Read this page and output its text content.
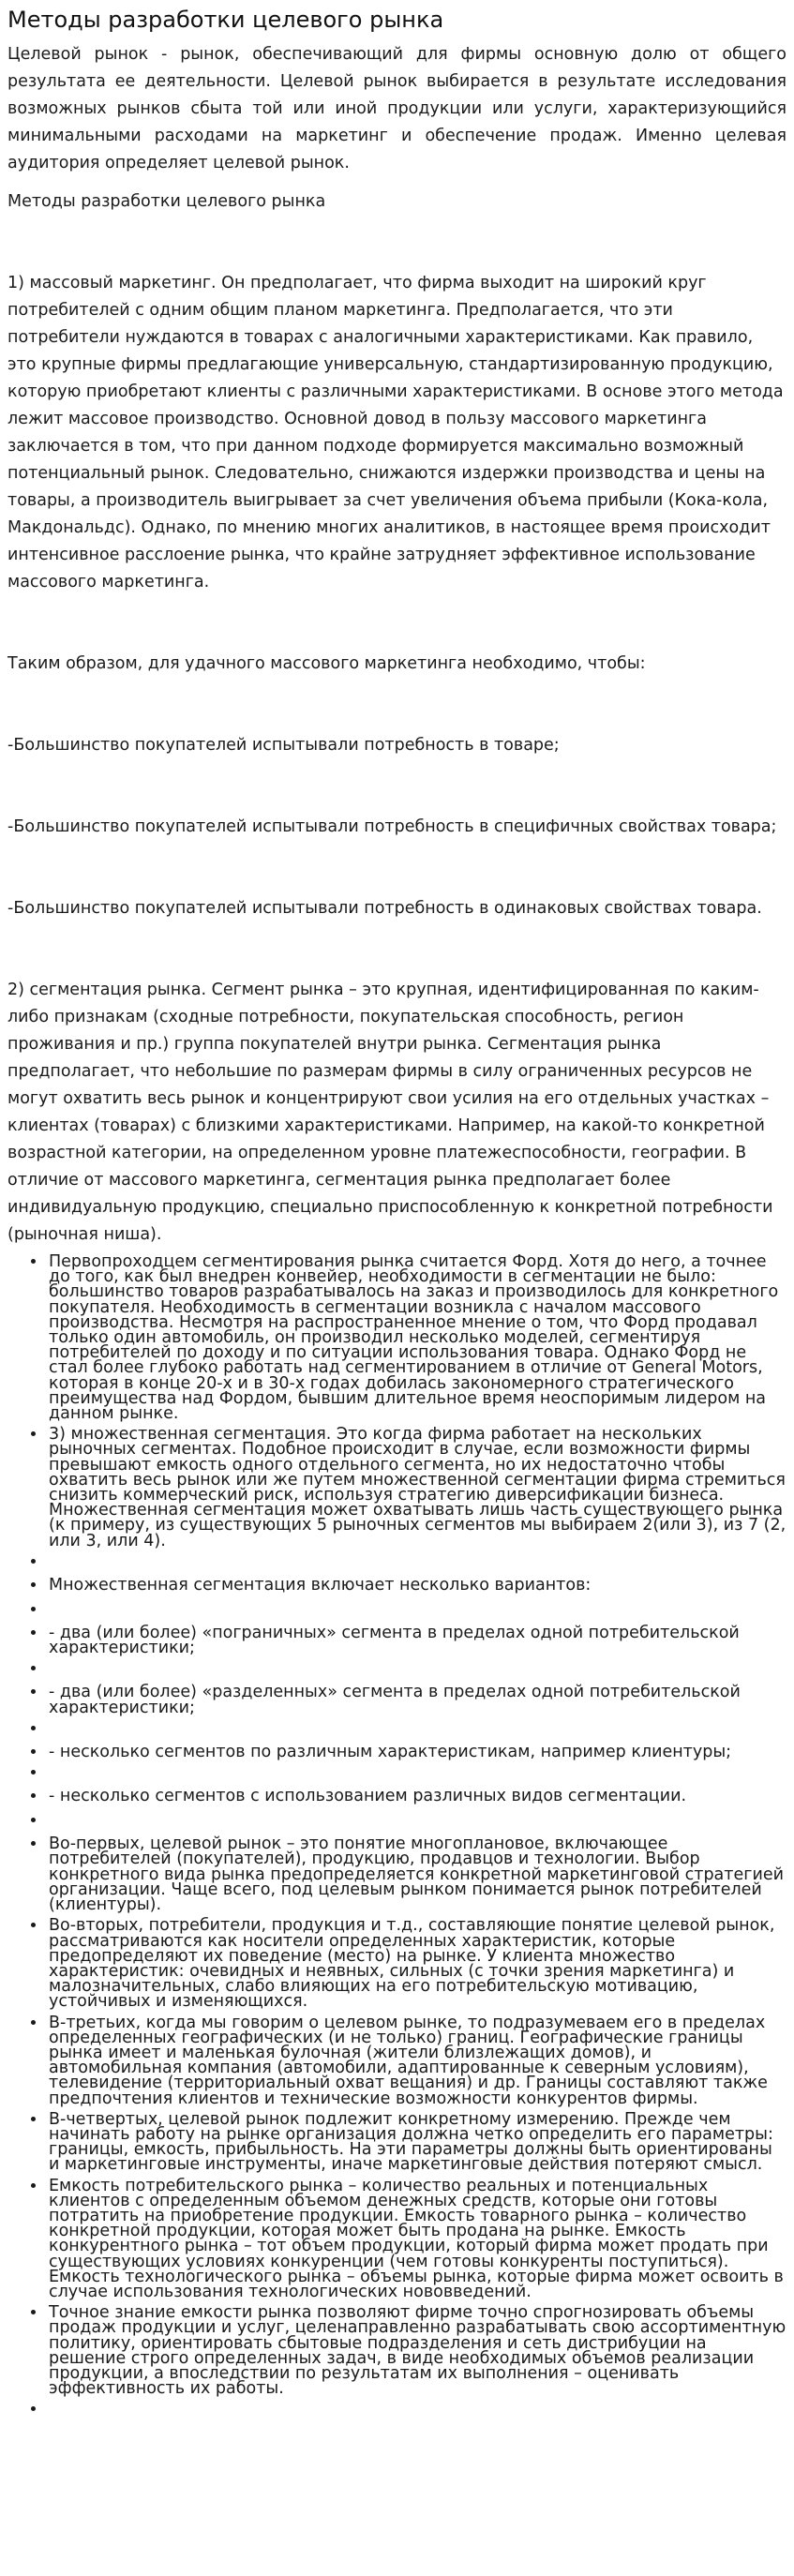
Методы разработки целевого рынка

Целевой рынок - рынок, обеспечивающий для фирмы основную долю от общего результата ее деятельности. Целевой рынок выбирается в результате исследования возможных рынков сбыта той или иной продукции или услуги, характеризующийся минимальными расходами на маркетинг и обеспечение продаж. Именно целевая аудитория определяет целевой рынок.

Методы разработки целевого рынка

1) массовый маркетинг. Он предполагает, что фирма выходит на широкий круг потребителей с одним общим планом маркетинга. Предполагается, что эти потребители нуждаются в товарах с аналогичными характеристиками. Как правило, это крупные фирмы предлагающие универсальную, стандартизированную продукцию, которую приобретают клиенты с различными характеристиками. В основе этого метода лежит массовое производство. Основной довод в пользу массового маркетинга заключается в том, что при данном подходе формируется максимально возможный потенциальный рынок. Следовательно, снижаются издержки производства и цены на товары, а производитель выигрывает за счет увеличения объема прибыли (Кока-кола, Макдональдс). Однако, по мнению многих аналитиков, в настоящее время происходит интенсивное расслоение рынка, что крайне затрудняет эффективное использование массового маркетинга.

Таким образом, для удачного массового маркетинга необходимо, чтобы:

-Большинство покупателей испытывали потребность в товаре;

-Большинство покупателей испытывали потребность в специфичных свойствах товара;

-Большинство покупателей испытывали потребность в одинаковых свойствах товара.

2) сегментация рынка. Сегмент рынка – это крупная, идентифицированная по каким-либо признакам (сходные потребности, покупательская способность, регион проживания и пр.) группа покупателей внутри рынка. Сегментация рынка предполагает, что небольшие по размерам фирмы в силу ограниченных ресурсов не могут охватить весь рынок и концентрируют свои усилия на его отдельных участках – клиентах (товарах) с близкими характеристиками. Например, на какой-то конкретной возрастной категории, на определенном уровне платежеспособности, географии. В отличие от массового маркетинга, сегментация рынка предполагает более индивидуальную продукцию, специально приспособленную к конкретной потребности (рыночная ниша).

• Первопроходцем сегментирования рынка считается Форд. Хотя до него, а точнее до того, как был внедрен конвейер, необходимости в сегментации не было: большинство товаров разрабатывалось на заказ и производилось для конкретного покупателя. Необходимость в сегментации возникла с началом массового производства. Несмотря на распространенное мнение о том, что Форд продавал только один автомобиль, он производил несколько моделей, сегментируя потребителей по доходу и по ситуации использования товара. Однако Форд не стал более глубоко работать над сегментированием в отличие от General Motors, которая в конце 20-х и в 30-х годах добилась закономерного стратегического преимущества над Фордом, бывшим длительное время неоспоримым лидером на данном рынке.
• 3) множественная сегментация. Это когда фирма работает на нескольких рыночных сегментах. Подобное происходит в случае, если возможности фирмы превышают емкость одного отдельного сегмента, но их недостаточно чтобы охватить весь рынок или же путем множественной сегментации фирма стремиться снизить коммерческий риск, используя стратегию диверсификации бизнеса. Множественная сегментация может охватывать лишь часть существующего рынка (к примеру, из существующих 5 рыночных сегментов мы выбираем 2(или 3), из 7 (2, или 3, или 4).
•
• Множественная сегментация включает несколько вариантов:
•
• - два (или более) «пограничных» сегмента в пределах одной потребительской характеристики;
•
• - два (или более) «разделенных» сегмента в пределах одной потребительской характеристики;
•
• - несколько сегментов по различным характеристикам, например клиентуры;
•
• - несколько сегментов с использованием различных видов сегментации.
•
• Во-первых, целевой рынок – это понятие многоплановое, включающее потребителей (покупателей), продукцию, продавцов и технологии. Выбор конкретного вида рынка предопределяется конкретной маркетинговой стратегией организации. Чаще всего, под целевым рынком понимается рынок потребителей (клиентуры).
• Во-вторых, потребители, продукция и т.д., составляющие понятие целевой рынок, рассматриваются как носители определенных характеристик, которые предопределяют их поведение (место) на рынке. У клиента множество характеристик: очевидных и неявных, сильных (с точки зрения маркетинга) и малозначительных, слабо влияющих на его потребительскую мотивацию, устойчивых и изменяющихся.
• В-третьих, когда мы говорим о целевом рынке, то подразумеваем его в пределах определенных географических (и не только) границ. Географические границы рынка имеет и маленькая булочная (жители близлежащих домов), и автомобильная компания (автомобили, адаптированные к северным условиям), телевидение (территориальный охват вещания) и др. Границы составляют также предпочтения клиентов и технические возможности конкурентов фирмы.
• В-четвертых, целевой рынок подлежит конкретному измерению. Прежде чем начинать работу на рынке организация должна четко определить его параметры: границы, емкость, прибыльность. На эти параметры должны быть ориентированы и маркетинговые инструменты, иначе маркетинговые действия потеряют смысл.
• Емкость потребительского рынка – количество реальных и потенциальных клиентов с определенным объемом денежных средств, которые они готовы потратить на приобретение продукции. Емкость товарного рынка – количество конкретной продукции, которая может быть продана на рынке. Емкость конкурентного рынка – тот объем продукции, который фирма может продать при существующих условиях конкуренции (чем готовы конкуренты поступиться). Емкость технологического рынка – объемы рынка, которые фирма может освоить в случае использования технологических нововведений.
• Точное знание емкости рынка позволяют фирме точно спрогнозировать объемы продаж продукции и услуг, целенаправленно разрабатывать свою ассортиментную политику, ориентировать сбытовые подразделения и сеть дистрибуции на решение строго определенных задач, в виде необходимых объемов реализации продукции, а впоследствии по результатам их выполнения – оценивать эффективность их работы.
•
